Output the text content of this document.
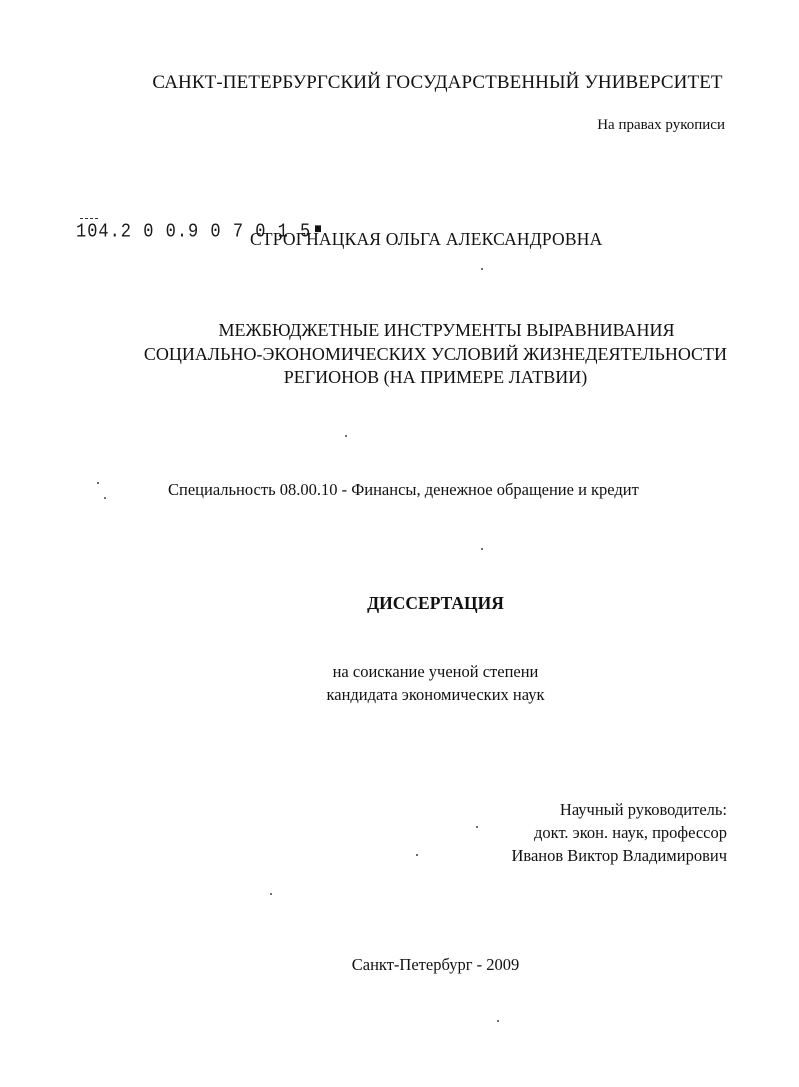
САНКТ-ПЕТЕРБУРГСКИЙ ГОСУДАРСТВЕННЫЙ УНИВЕРСИТЕТ

На правах рукописи

104.2 0 0.9 0 7 0 1 5

СТРОГНАЦКАЯ ОЛЬГА АЛЕКСАНДРОВНА

МЕЖБЮДЖЕТНЫЕ ИНСТРУМЕНТЫ ВЫРАВНИВАНИЯ
СОЦИАЛЬНО-ЭКОНОМИЧЕСКИХ УСЛОВИЙ ЖИЗНЕДЕЯТЕЛЬНОСТИ
РЕГИОНОВ (НА ПРИМЕРЕ ЛАТВИИ)

Специальность 08.00.10 - Финансы, денежное обращение и кредит

ДИССЕРТАЦИЯ

на соискание ученой степени
кандидата экономических наук
Научный руководитель:
докт. экон. наук, профессор
Иванов Виктор Владимирович

Санкт-Петербург - 2009
